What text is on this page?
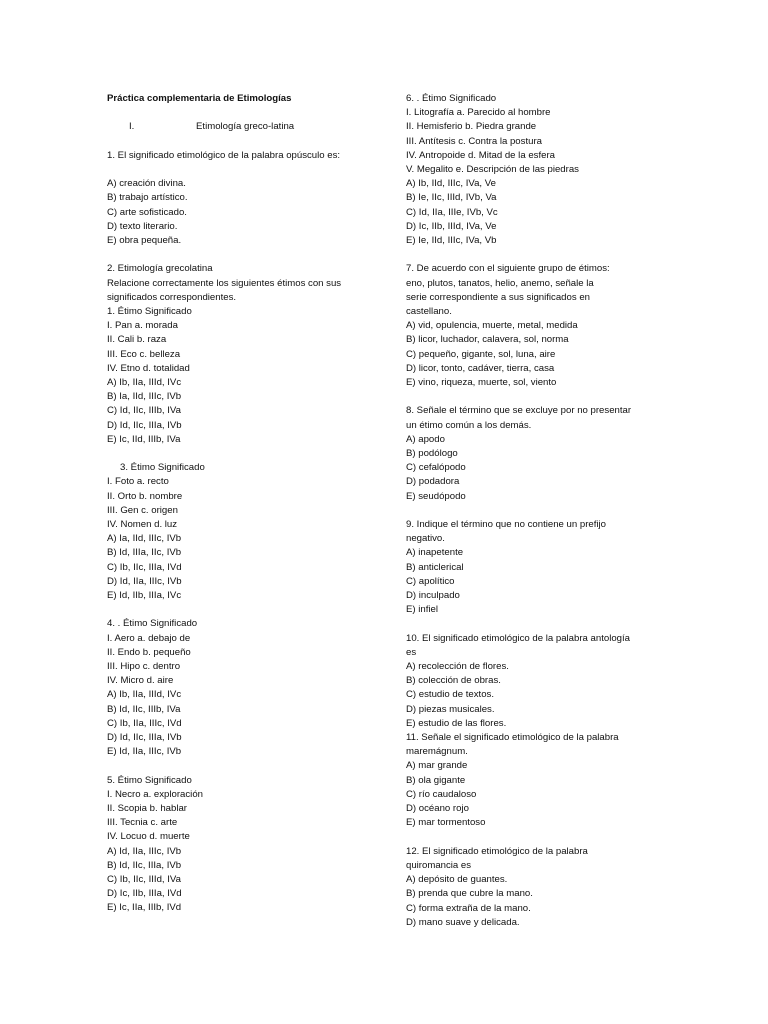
Práctica complementaria de Etimologías
I.	Etimología greco-latina
1. El significado etimológico de la palabra opúsculo es:
A) creación divina.
B) trabajo artístico.
C) arte sofisticado.
D) texto literario.
E) obra pequeña.
2. Etimología grecolatina
Relacione correctamente los siguientes étimos con sus
significados correspondientes.
1. Étimo Significado
I. Pan a. morada
II. Cali b. raza
III. Eco c. belleza
IV. Etno d. totalidad
A) Ib, IIa, IIId, IVc
B) Ia, IId, IIIc, IVb
C) Id, IIc, IIIb, IVa
D) Id, IIc, IIIa, IVb
E) Ic, IId, IIIb, IVa
3. Étimo Significado
I. Foto a. recto
II. Orto b. nombre
III. Gen c. origen
IV. Nomen d. luz
A) Ia, IId, IIIc, IVb
B) Id, IIIa, IIc, IVb
C) Ib, IIc, IIIa, IVd
D) Id, IIa, IIIc, IVb
E) Id, IIb, IIIa, IVc
4. . Étimo Significado
I. Aero a. debajo de
II. Endo b. pequeño
III. Hipo c. dentro
IV. Micro d. aire
A) Ib, IIa, IIId, IVc
B) Id, IIc, IIIb, IVa
C) Ib, IIa, IIIc, IVd
D) Id, IIc, IIIa, IVb
E) Id, IIa, IIIc, IVb
5. Étimo Significado
I. Necro a. exploración
II. Scopia b. hablar
III. Tecnia c. arte
IV. Locuo d. muerte
A) Id, IIa, IIIc, IVb
B) Id, IIc, IIIa, IVb
C) Ib, IIc, IIId, IVa
D) Ic, IIb, IIIa, IVd
E) Ic, IIa, IIIb, IVd
6. . Étimo Significado
I. Litografía a. Parecido al hombre
II. Hemisferio b. Piedra grande
III. Antítesis c. Contra la postura
IV. Antropoide d. Mitad de la esfera
V. Megalito e. Descripción de las piedras
A) Ib, IId, IIIc, IVa, Ve
B) Ie, IIc, IIId, IVb, Va
C) Id, IIa, IIIe, IVb, Vc
D) Ic, IIb, IIId, IVa, Ve
E) Ie, IId, IIIc, IVa, Vb
7. De acuerdo con el siguiente grupo de étimos:
eno, plutos, tanatos, helio, anemo, señale la
serie correspondiente a sus significados en
castellano.
A) vid, opulencia, muerte, metal, medida
B) licor, luchador, calavera, sol, norma
C) pequeño, gigante, sol, luna, aire
D) licor, tonto, cadáver, tierra, casa
E) vino, riqueza, muerte, sol, viento
8. Señale el término que se excluye por no presentar
un étimo común a los demás.
A) apodo
B) podólogo
C) cefalópodo
D) podadora
E) seudópodo
9. Indique el término que no contiene un prefijo
negativo.
A) inapetente
B) anticlerical
C) apolítico
D) inculpado
E) infiel
10. El significado etimológico de la palabra antología
es
A) recolección de flores.
B) colección de obras.
C) estudio de textos.
D) piezas musicales.
E) estudio de las flores.
11. Señale el significado etimológico de la palabra
maremágnum.
A) mar grande
B) ola gigante
C) río caudaloso
D) océano rojo
E) mar tormentoso
12. El significado etimológico de la palabra
quiromancia es
A) depósito de guantes.
B) prenda que cubre la mano.
C) forma extraña de la mano.
D) mano suave y delicada.
